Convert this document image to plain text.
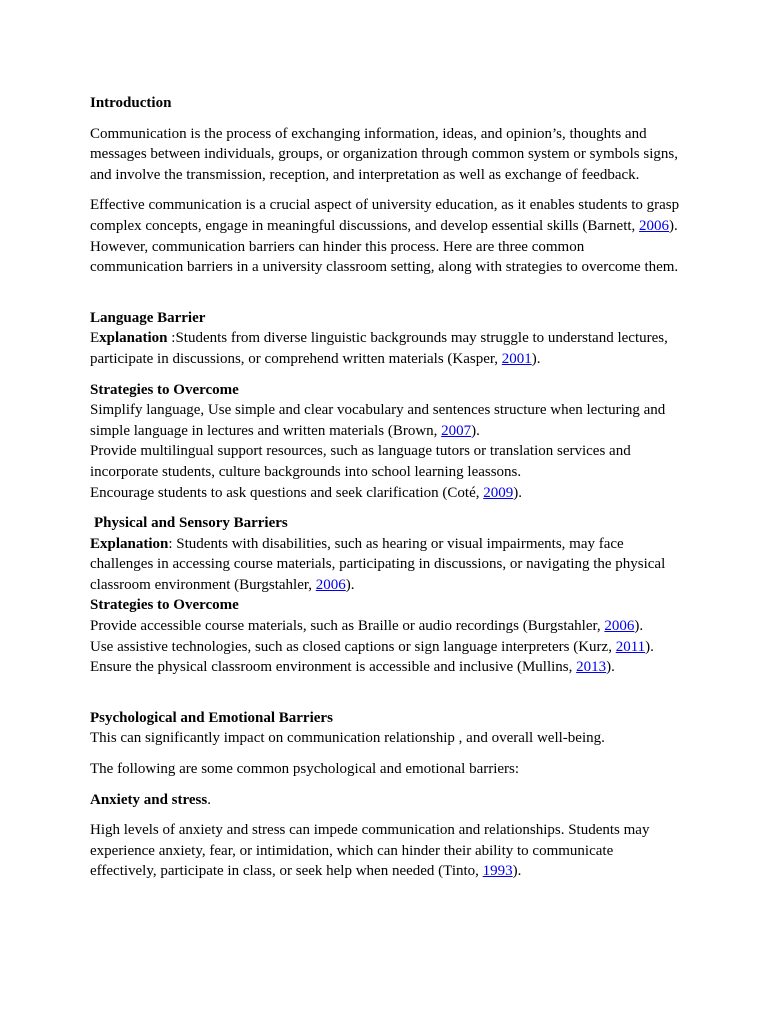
Introduction

Communication is the process of exchanging information, ideas, and opinion’s, thoughts and messages between individuals, groups, or organization through common system or symbols signs, and involve the transmission, reception, and interpretation as well as exchange of feedback.

Effective communication is a crucial aspect of university education, as it enables students to grasp complex concepts, engage in meaningful discussions, and develop essential skills (Barnett, 2006). However, communication barriers can hinder this process. Here are three common communication barriers in a university classroom setting, along with strategies to overcome them.

Language Barrier

Explanation :Students from diverse linguistic backgrounds may struggle to understand lectures, participate in discussions, or comprehend written materials (Kasper, 2001).

Strategies to Overcome

Simplify language, Use simple and clear vocabulary and sentences structure when lecturing and simple language in lectures and written materials (Brown, 2007).

Provide multilingual support resources, such as language tutors or translation services and incorporate students, culture backgrounds into school learning leassons.

Encourage students to ask questions and seek clarification (Coté, 2009).

Physical and Sensory Barriers

Explanation: Students with disabilities, such as hearing or visual impairments, may face challenges in accessing course materials, participating in discussions, or navigating the physical classroom environment (Burgstahler, 2006).

Strategies to Overcome

Provide accessible course materials, such as Braille or audio recordings (Burgstahler, 2006).

Use assistive technologies, such as closed captions or sign language interpreters (Kurz, 2011).

Ensure the physical classroom environment is accessible and inclusive (Mullins, 2013).

Psychological and Emotional Barriers

This can significantly impact on communication relationship , and overall well-being.

The following are some common psychological and emotional barriers:

Anxiety and stress.

High levels of anxiety and stress can impede communication and relationships. Students may experience anxiety, fear, or intimidation, which can hinder their ability to communicate effectively, participate in class, or seek help when needed (Tinto, 1993).
